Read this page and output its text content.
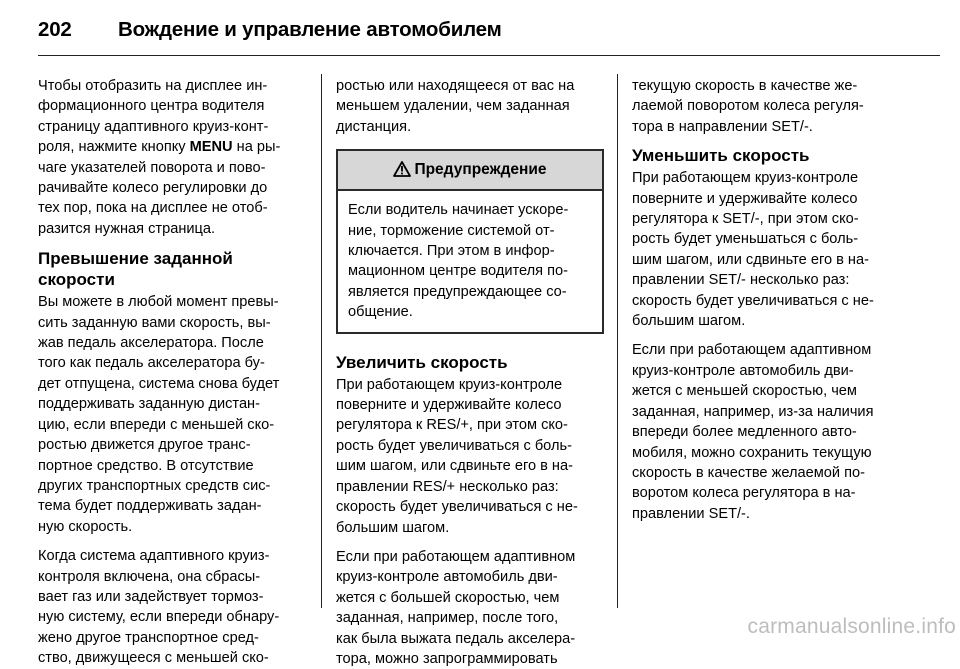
202	Вождение и управление автомобилем

Чтобы отобразить на дисплее ин-
формационного центра водителя
страницу адаптивного круиз-конт-
роля, нажмите кнопку MENU на ры-
чаге указателей поворота и пово-
рачивайте колесо регулировки до
тех пор, пока на дисплее не отоб-
разится нужная страница.

Превышение заданной
скорости

Вы можете в любой момент превы-
сить заданную вами скорость, вы-
жав педаль акселератора. После
того как педаль акселератора бу-
дет отпущена, система снова будет
поддерживать заданную дистан-
цию, если впереди с меньшей ско-
ростью движется другое транс-
портное средство. В отсутствие
других транспортных средств сис-
тема будет поддерживать задан-
ную скорость.

Когда система адаптивного круиз-
контроля включена, она сбрасы-
вает газ или задействует тормоз-
ную систему, если впереди обнару-
жено другое транспортное сред-
ство, движущееся с меньшей ско-

ростью или находящееся от вас на
меньшем удалении, чем заданная
дистанция.

Предупреждение
Если водитель начинает ускоре-
ние, торможение системой от-
ключается. При этом в инфор-
мационном центре водителя по-
является предупреждающее со-
общение.
Увеличить скорость

При работающем круиз-контроле
поверните и удерживайте колесо
регулятора к RES/+, при этом ско-
рость будет увеличиваться с боль-
шим шагом, или сдвиньте его в на-
правлении RES/+ несколько раз:
скорость будет увеличиваться с не-
большим шагом.

Если при работающем адаптивном
круиз-контроле автомобиль дви-
жется с большей скоростью, чем
заданная, например, после того,
как была выжата педаль акселера-
тора, можно запрограммировать

текущую скорость в качестве же-
лаемой поворотом колеса регуля-
тора в направлении SET/-.

Уменьшить скорость

При работающем круиз-контроле
поверните и удерживайте колесо
регулятора к SET/-, при этом ско-
рость будет уменьшаться с боль-
шим шагом, или сдвиньте его в на-
правлении SET/- несколько раз:
скорость будет увеличиваться с не-
большим шагом.

Если при работающем адаптивном
круиз-контроле автомобиль дви-
жется с меньшей скоростью, чем
заданная, например, из-за наличия
впереди более медленного авто-
мобиля, можно сохранить текущую
скорость в качестве желаемой по-
воротом колеса регулятора в на-
правлении SET/-.

carmanualsonline.info
